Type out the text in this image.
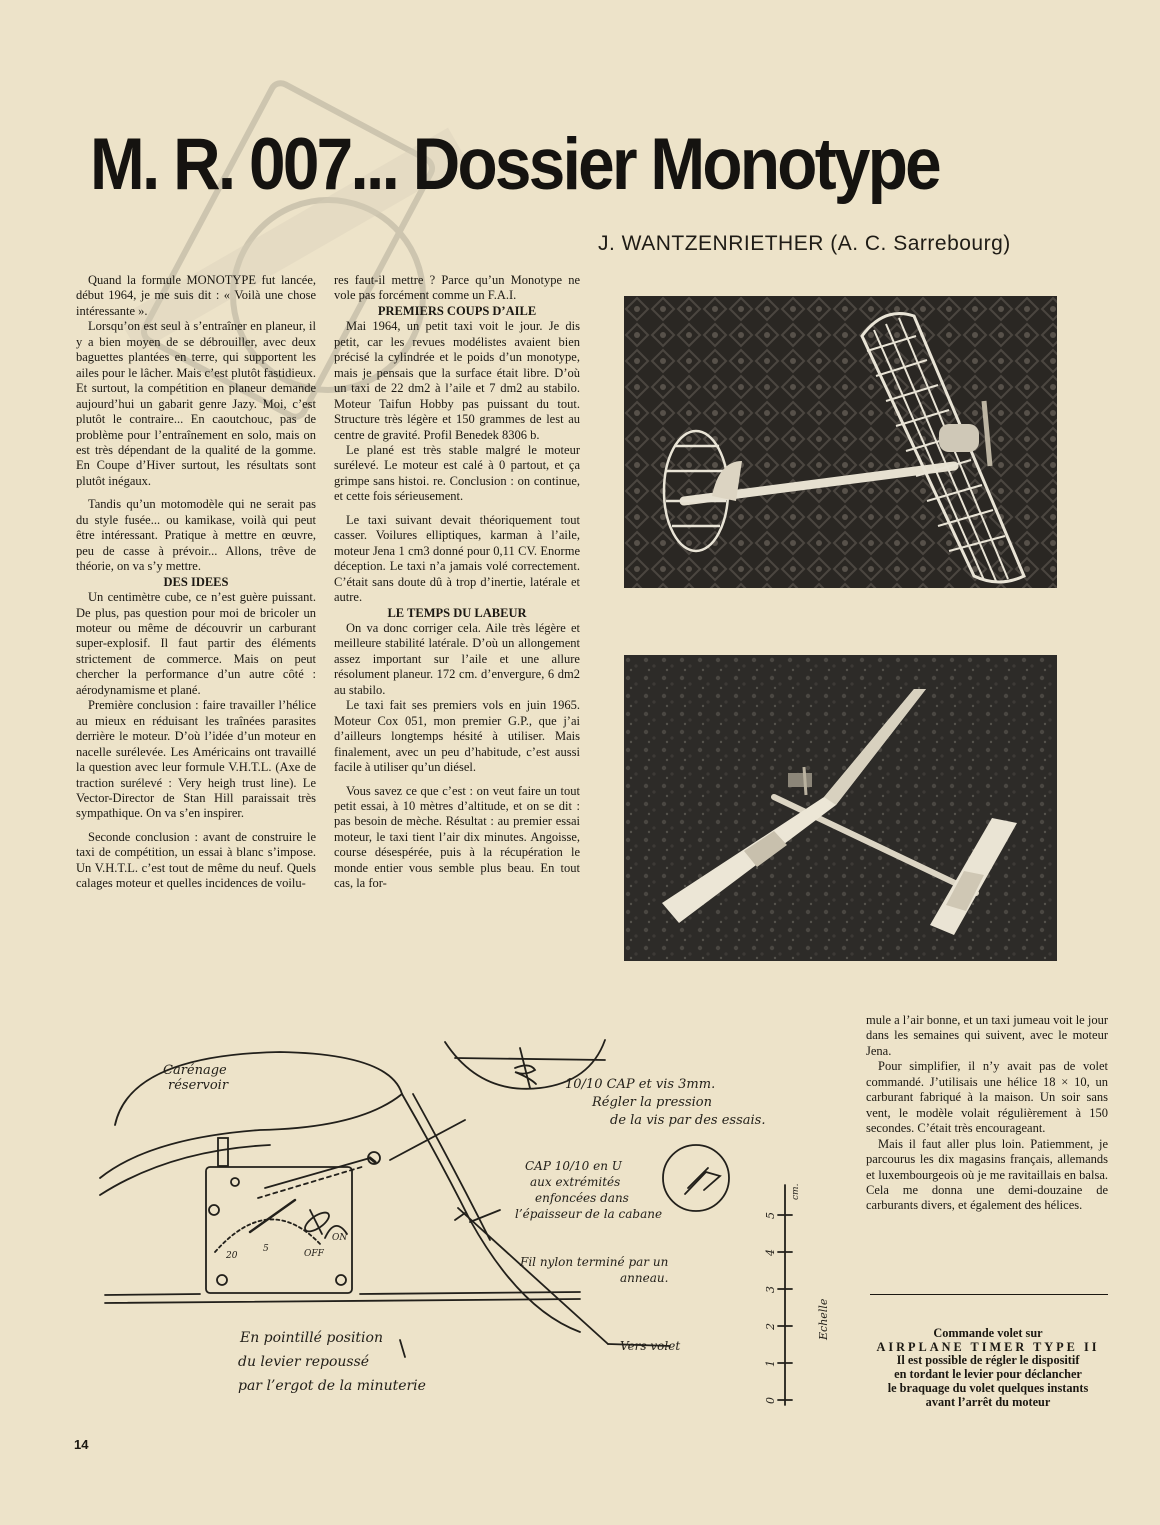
M. R. 007... Dossier Monotype
J. WANTZENRIETHER (A. C. Sarrebourg)

Quand la formule MONOTYPE fut lancée, début 1964, je me suis dit : « Voilà une chose intéressante ».

Lorsqu’on est seul à s’entraîner en planeur, il y a bien moyen de se débrouiller, avec deux baguettes plantées en terre, qui supportent les ailes pour le lâcher. Mais c’est plutôt fastidieux. Et surtout, la compétition en planeur demande aujourd’hui un gabarit genre Jazy. Moi, c’est plutôt le contraire... En caoutchouc, pas de problème pour l’entraînement en solo, mais on est très dépendant de la qualité de la gomme. En Coupe d’Hiver surtout, les résultats sont plutôt inégaux.

Tandis qu’un motomodèle qui ne serait pas du style fusée... ou kamikase, voilà qui peut être intéressant. Pratique à mettre en œuvre, peu de casse à prévoir... Allons, trêve de théorie, on va s’y mettre.

DES IDEES

Un centimètre cube, ce n’est guère puissant. De plus, pas question pour moi de bricoler un moteur ou même de découvrir un carburant super-explosif. Il faut partir des éléments strictement de commerce. Mais on peut chercher la performance d’un autre côté : aérodynamisme et plané.

Première conclusion : faire travailler l’hélice au mieux en réduisant les traînées parasites derrière le moteur. D’où l’idée d’un moteur en nacelle surélevée. Les Américains ont travaillé la question avec leur formule V.H.T.L. (Axe de traction surélevé : Very heigh trust line). Le Vector-Director de Stan Hill paraissait très sympathique. On va s’en inspirer.

Seconde conclusion : avant de construire le taxi de compétition, un essai à blanc s’impose. Un V.H.T.L. c’est tout de même du neuf. Quels calages moteur et quelles incidences de voilu-

res faut-il mettre ? Parce qu’un Monotype ne vole pas forcément comme un F.A.I.

PREMIERS COUPS D’AILE

Mai 1964, un petit taxi voit le jour. Je dis petit, car les revues modélistes avaient bien précisé la cylindrée et le poids d’un monotype, mais je pensais que la surface était libre. D’où un taxi de 22 dm2 à l’aile et 7 dm2 au stabilo. Moteur Taifun Hobby pas puissant du tout. Structure très légère et 150 grammes de lest au centre de gravité. Profil Benedek 8306 b.

Le plané est très stable malgré le moteur surélevé. Le moteur est calé à 0 partout, et ça grimpe sans histoi. re. Conclusion : on continue, et cette fois sérieusement.

Le taxi suivant devait théoriquement tout casser. Voilures elliptiques, karman à l’aile, moteur Jena 1 cm3 donné pour 0,11 CV. Enorme déception. Le taxi n’a jamais volé correctement. C’était sans doute dû à trop d’inertie, latérale et autre.

LE TEMPS DU LABEUR

On va donc corriger cela. Aile très légère et meilleure stabilité latérale. D’où un allongement assez important sur l’aile et une allure résolument planeur. 172 cm. d’envergure, 6 dm2 au stabilo.

Le taxi fait ses premiers vols en juin 1965. Moteur Cox 051, mon premier G.P., que j’ai d’ailleurs longtemps hésité à utiliser. Mais finalement, avec un peu d’habitude, c’est aussi facile à utiliser qu’un diésel.

Vous savez ce que c’est : on veut faire un tout petit essai, à 10 mètres d’altitude, et on se dit : pas besoin de mèche. Résultat : au premier essai moteur, le taxi tient l’air dix minutes. Angoisse, course désespérée, puis à la récupération le monde entier vous semble plus beau. En tout cas, la for-

mule a l’air bonne, et un taxi jumeau voit le jour dans les semaines qui suivent, avec le moteur Jena.

Pour simplifier, il n’y avait pas de volet commandé. J’utilisais une hélice 18 × 10, un carburant fabriqué à la maison. Un soir sans vent, le modèle volait régulièrement à 150 secondes. C’était très encourageant.

Mais il faut aller plus loin. Patiemment, je parcourus les dix magasins français, allemands et luxembourgeois où je me ravitaillais en balsa. Cela me donna une demi-douzaine de carburants divers, et également des hélices.

Carénage
réservoir	10/10 CAP et vis 3mm.
Régler la pression
de la vis par des essais.
CAP 10/10 en U
aux extrémités
enfoncées dans
l’épaisseur de la cabane
Fil nylon terminé par un
anneau.
Vers volet
En pointillé position
du levier repoussé
par l’ergot de la minuterie
OFF
ON
20
5
Echelle
cm.
0
1
2
3
4
5
Commande volet sur
AIRPLANE TIMER TYPE II
Il est possible de régler le dispositif
en tordant le levier pour déclancher
le braquage du volet quelques instants
avant l’arrêt du moteur
14
